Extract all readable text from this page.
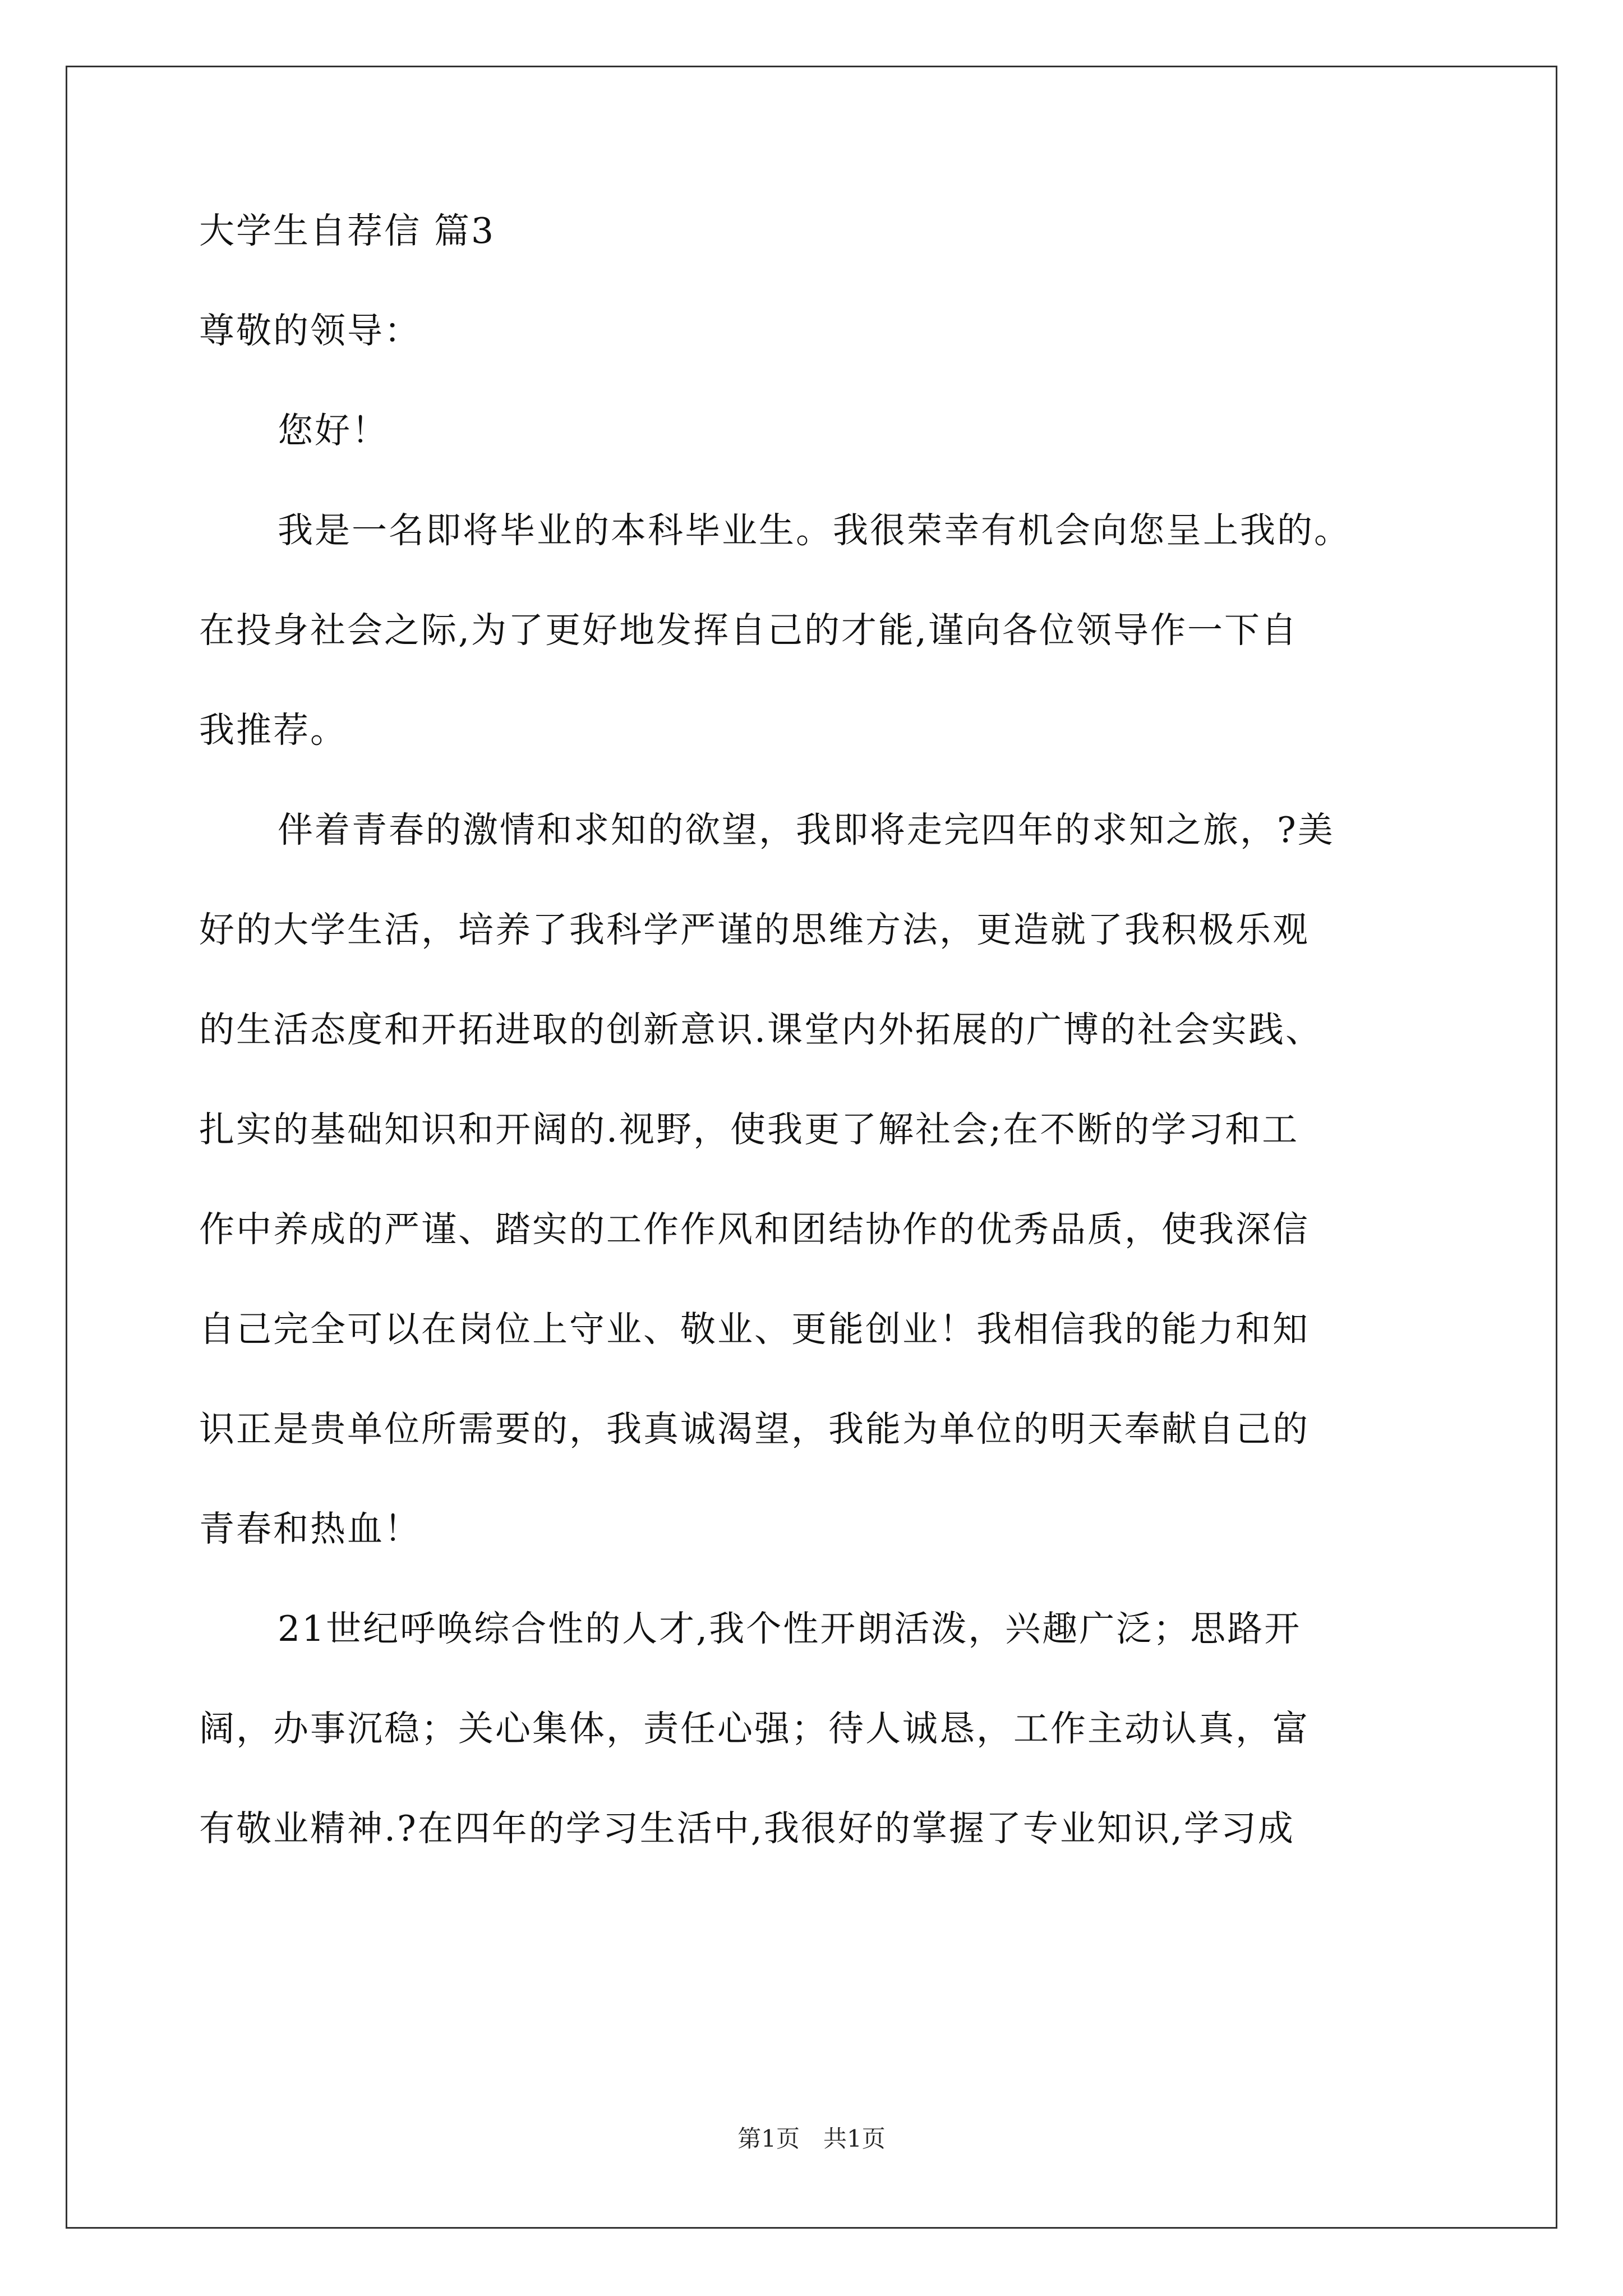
大学生自荐信 篇3
尊敬的领导：
您好！
我是一名即将毕业的本科毕业生。我很荣幸有机会向您呈上我的。
在投身社会之际,为了更好地发挥自己的才能,谨向各位领导作一下自
我推荐。
伴着青春的激情和求知的欲望，我即将走完四年的求知之旅，?美
好的大学生活，培养了我科学严谨的思维方法，更造就了我积极乐观
的生活态度和开拓进取的创新意识.课堂内外拓展的广博的社会实践、
扎实的基础知识和开阔的.视野，使我更了解社会;在不断的学习和工
作中养成的严谨、踏实的工作作风和团结协作的优秀品质，使我深信
自己完全可以在岗位上守业、敬业、更能创业！我相信我的能力和知
识正是贵单位所需要的，我真诚渴望，我能为单位的明天奉献自己的
青春和热血！
21世纪呼唤综合性的人才,我个性开朗活泼，兴趣广泛；思路开
阔，办事沉稳；关心集体，责任心强；待人诚恳，工作主动认真，富
有敬业精神.?在四年的学习生活中,我很好的掌握了专业知识,学习成
第1页　共1页
